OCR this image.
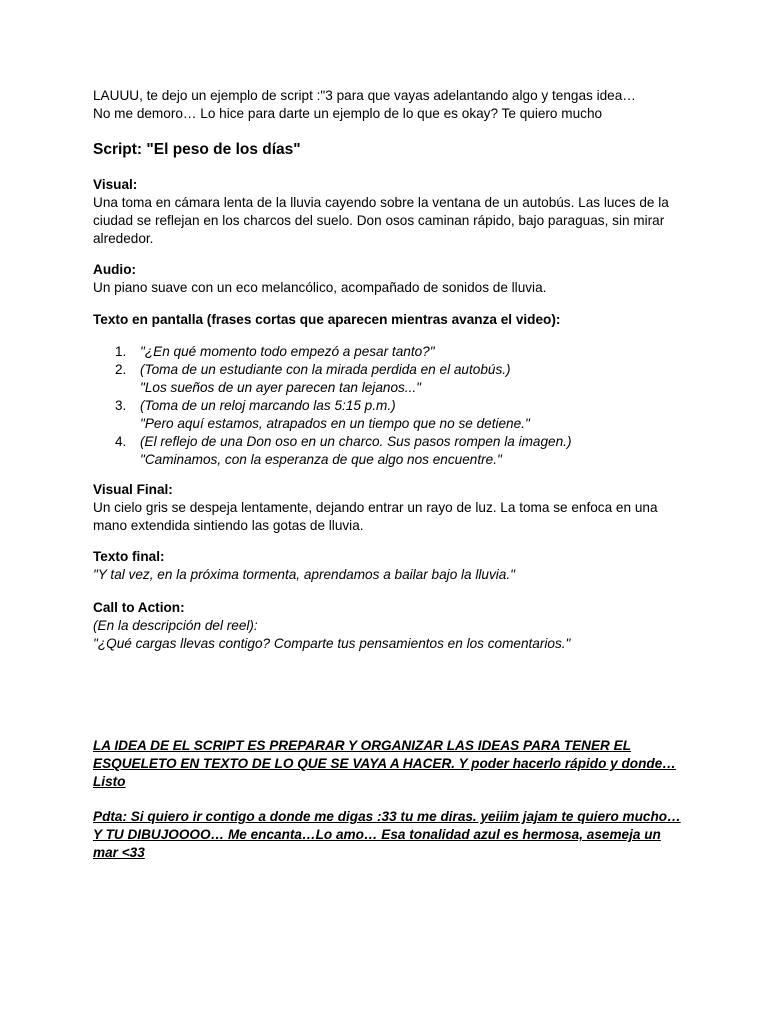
LAUUU, te dejo un ejemplo de script :"3 para que vayas adelantando algo y tengas idea…

No me demoro… Lo hice para darte un ejemplo de lo que es okay? Te quiero mucho

Script: "El peso de los días"

Visual:

Una toma en cámara lenta de la lluvia cayendo sobre la ventana de un autobús. Las luces de la ciudad se reflejan en los charcos del suelo. Don osos caminan rápido, bajo paraguas, sin mirar alrededor.

Audio:

Un piano suave con un eco melancólico, acompañado de sonidos de lluvia.

Texto en pantalla (frases cortas que aparecen mientras avanza el video):

1. "¿En qué momento todo empezó a pesar tanto?"

2. (Toma de un estudiante con la mirada perdida en el autobús.)

"Los sueños de un ayer parecen tan lejanos..."

3. (Toma de un reloj marcando las 5:15 p.m.)

"Pero aquí estamos, atrapados en un tiempo que no se detiene."

4. (El reflejo de una Don oso en un charco. Sus pasos rompen la imagen.)

"Caminamos, con la esperanza de que algo nos encuentre."

Visual Final:

Un cielo gris se despeja lentamente, dejando entrar un rayo de luz. La toma se enfoca en una mano extendida sintiendo las gotas de lluvia.

Texto final:

"Y tal vez, en la próxima tormenta, aprendamos a bailar bajo la lluvia."

Call to Action:

(En la descripción del reel):

"¿Qué cargas llevas contigo? Comparte tus pensamientos en los comentarios."

LA IDEA DE EL SCRIPT ES PREPARAR Y ORGANIZAR LAS IDEAS PARA TENER EL ESQUELETO EN TEXTO DE LO QUE SE VAYA A HACER. Y poder hacerlo rápido y donde… Listo
Pdta: Si quiero ir contigo a donde me digas :33 tu me diras. yeiiim jajam te quiero mucho… Y TU DIBUJOOOO… Me encanta…Lo amo… Esa tonalidad azul es hermosa, asemeja un mar <33
